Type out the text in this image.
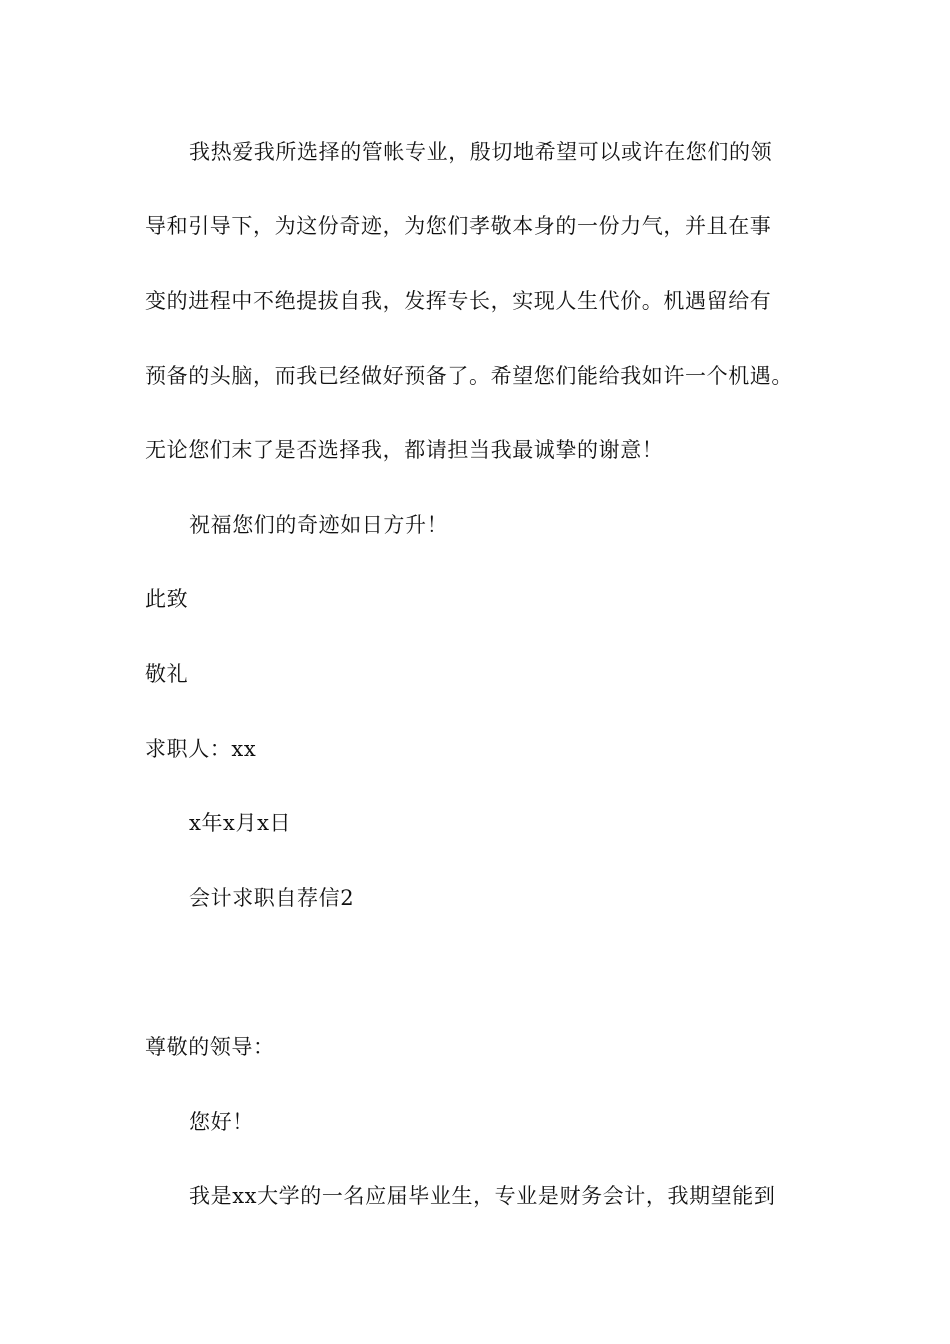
我热爱我所选择的管帐专业，殷切地希望可以或许在您们的领
导和引导下，为这份奇迹，为您们孝敬本身的一份力气，并且在事
变的进程中不绝提拔自我，发挥专长，实现人生代价。机遇留给有
预备的头脑，而我已经做好预备了。希望您们能给我如许一个机遇。
无论您们末了是否选择我，都请担当我最诚挚的谢意！
祝福您们的奇迹如日方升！
此致
敬礼
求职人：xx
x年x月x日
会计求职自荐信2
尊敬的领导：
您好！
我是xx大学的一名应届毕业生，专业是财务会计，我期望能到
